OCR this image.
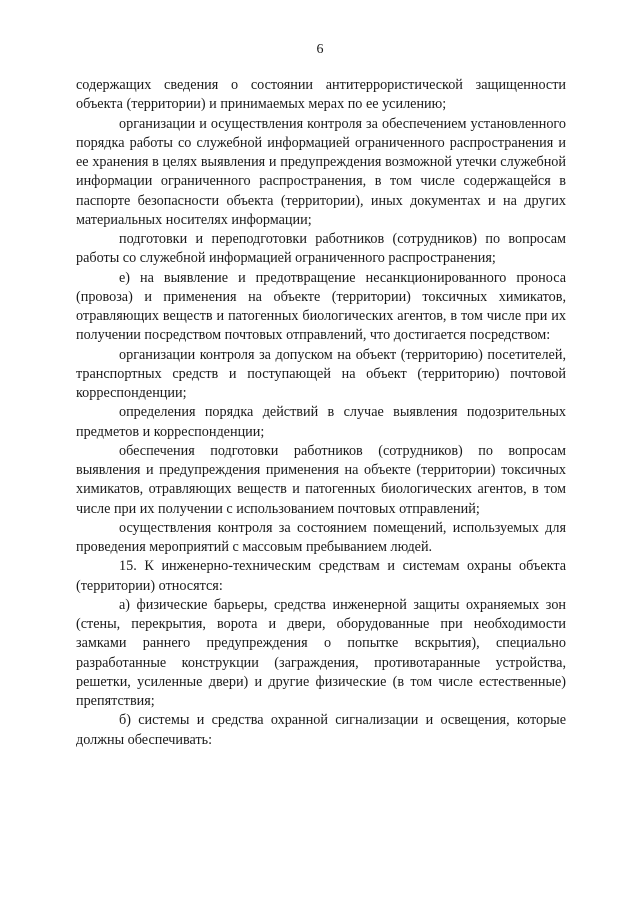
6

содержащих сведения о состоянии антитеррористической защищенности объекта (территории) и принимаемых мерах по ее усилению;

организации и осуществления контроля за обеспечением установленного порядка работы со служебной информацией ограниченного распространения и ее хранения в целях выявления и предупреждения возможной утечки служебной информации ограниченного распространения, в том числе содержащейся в паспорте безопасности объекта (территории), иных документах и на других материальных носителях информации;

подготовки и переподготовки работников (сотрудников) по вопросам работы со служебной информацией ограниченного распространения;

е) на выявление и предотвращение несанкционированного проноса (провоза) и применения на объекте (территории) токсичных химикатов, отравляющих веществ и патогенных биологических агентов, в том числе при их получении посредством почтовых отправлений, что достигается посредством:

организации контроля за допуском на объект (территорию) посетителей, транспортных средств и поступающей на объект (территорию) почтовой корреспонденции;

определения порядка действий в случае выявления подозрительных предметов и корреспонденции;

обеспечения подготовки работников (сотрудников) по вопросам выявления и предупреждения применения на объекте (территории) токсичных химикатов, отравляющих веществ и патогенных биологических агентов, в том числе при их получении с использованием почтовых отправлений;

осуществления контроля за состоянием помещений, используемых для проведения мероприятий с массовым пребыванием людей.

15. К инженерно-техническим средствам и системам охраны объекта (территории) относятся:

а) физические барьеры, средства инженерной защиты охраняемых зон (стены, перекрытия, ворота и двери, оборудованные при необходимости замками раннего предупреждения о попытке вскрытия), специально разработанные конструкции (заграждения, противотаранные устройства, решетки, усиленные двери) и другие физические (в том числе естественные) препятствия;

б) системы и средства охранной сигнализации и освещения, которые должны обеспечивать:
